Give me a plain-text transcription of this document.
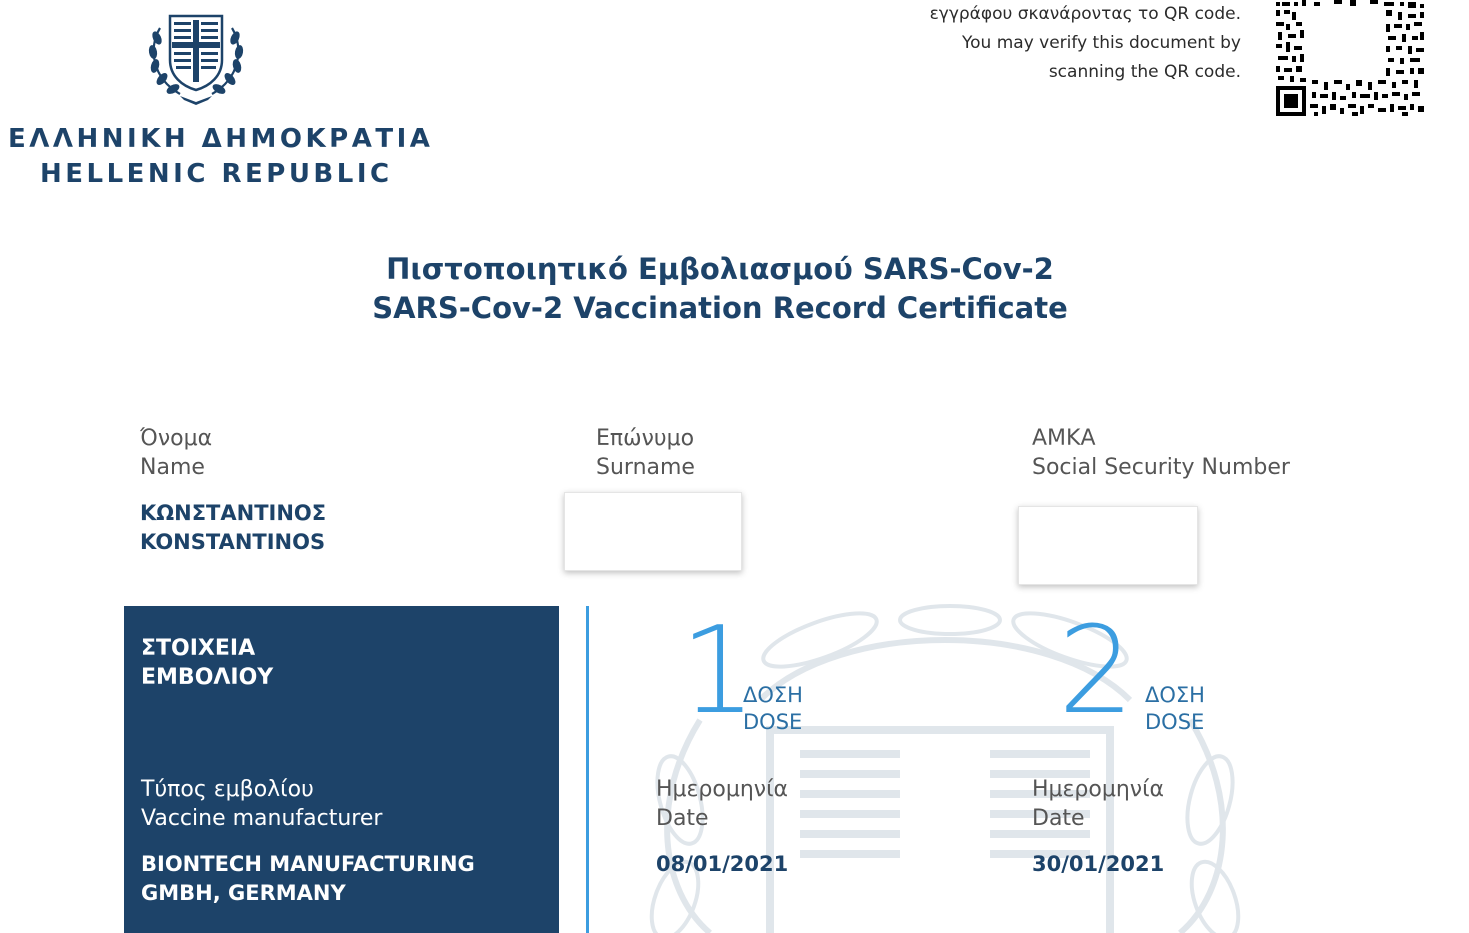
ΕΛΛΗΝΙΚΗ ΔΗΜΟΚΡΑΤΙΑ
HELLENIC REPUBLIC
εγγράφου σκανάροντας το QR code.
You may verify this document by
scanning the QR code.
Πιστοποιητικό Εμβολιασμού SARS-Cov-2
SARS-Cov-2 Vaccination Record Certificate
Όνομα
Name
ΚΩΝΣΤΑΝΤΙΝΟΣ
KONSTANTINOS
Επώνυμο
Surname
ΑΜΚΑ
Social Security Number
ΣΤΟΙΧΕΙΑ
ΕΜΒΟΛΙΟΥ
Τύπος εμβολίου
Vaccine manufacturer
BIONTECH MANUFACTURING
GMBH, GERMANY
1
ΔΟΣΗ
DOSE
Ημερομηνία
Date
08/01/2021
2 ΔΟΣΗ
DOSE
Ημερομηνία
Date
30/01/2021
